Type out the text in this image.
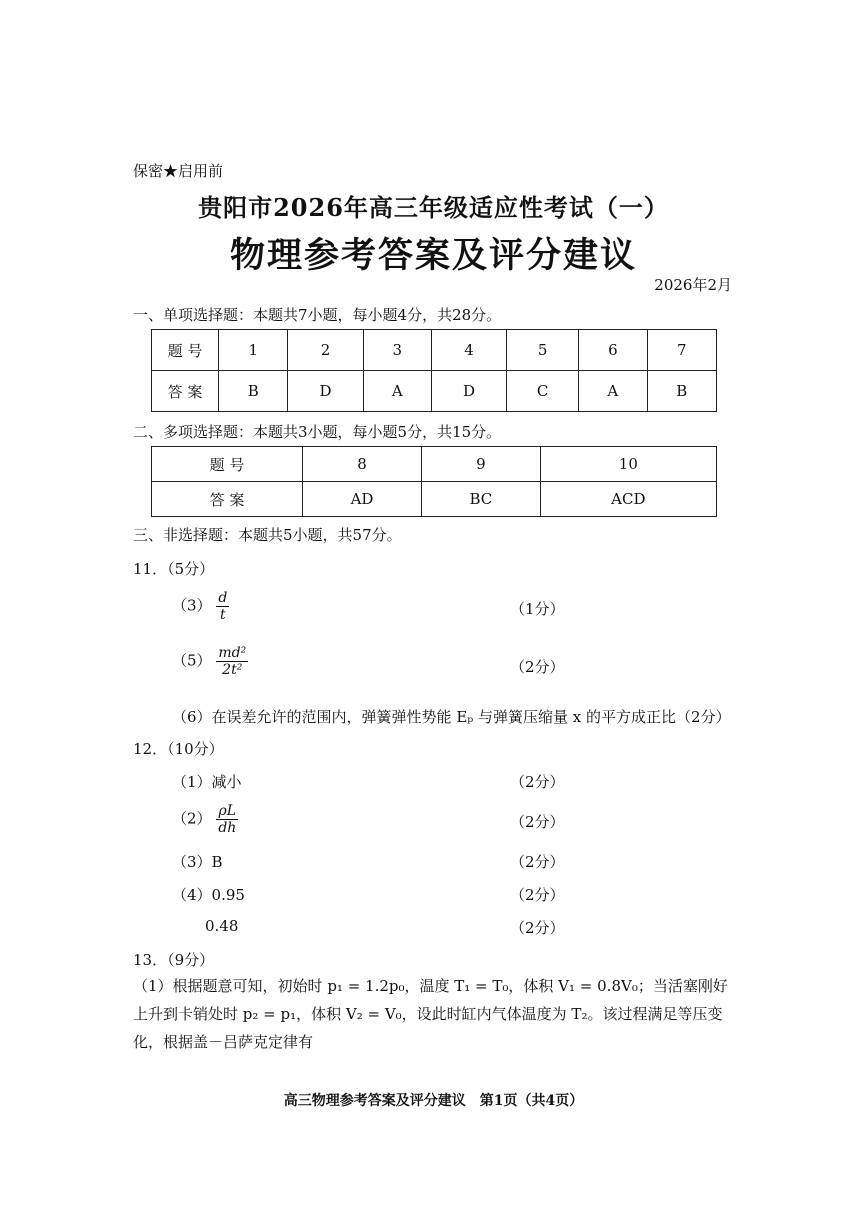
保密★启用前
贵阳市2026年高三年级适应性考试（一）
物理参考答案及评分建议
2026年2月
一、单项选择题：本题共7小题，每小题4分，共28分。
题 号	1	2	3	4	5	6	7
答 案	B	D	A	D	C	A	B
二、多项选择题：本题共3小题，每小题5分，共15分。
题 号	8	9	10
答 案	AD	BC	ACD
三、非选择题：本题共5小题，共57分。
11．（5分）
$(3) \frac{d}{t}$	（1分）
$(5) \frac{\text{md²}}{\text{2t²}}$	（2分）
（6）在误差允许的范围内，弹簧弹性势能 Eₚ 与弹簧压缩量 x 的平方成正比（2分）
12．（10分）
（1）减小	（2分）
$(2) \frac{\rho L}{dh}$	（2分）
（3）B	（2分）
（4）0.95	（2分）
0.48	（2分）
13．（9分）
（1）根据题意可知，初始时 p₁ = 1.2p₀，温度 T₁ = T₀，体积 V₁ = 0.8V₀；当活塞刚好上升到卡销处时 p₂ = p₁，体积 V₂ = V₀，设此时缸内气体温度为 T₂。该过程满足等压变化，根据盖－吕萨克定律有
高三物理参考答案及评分建议　第1页（共4页）
